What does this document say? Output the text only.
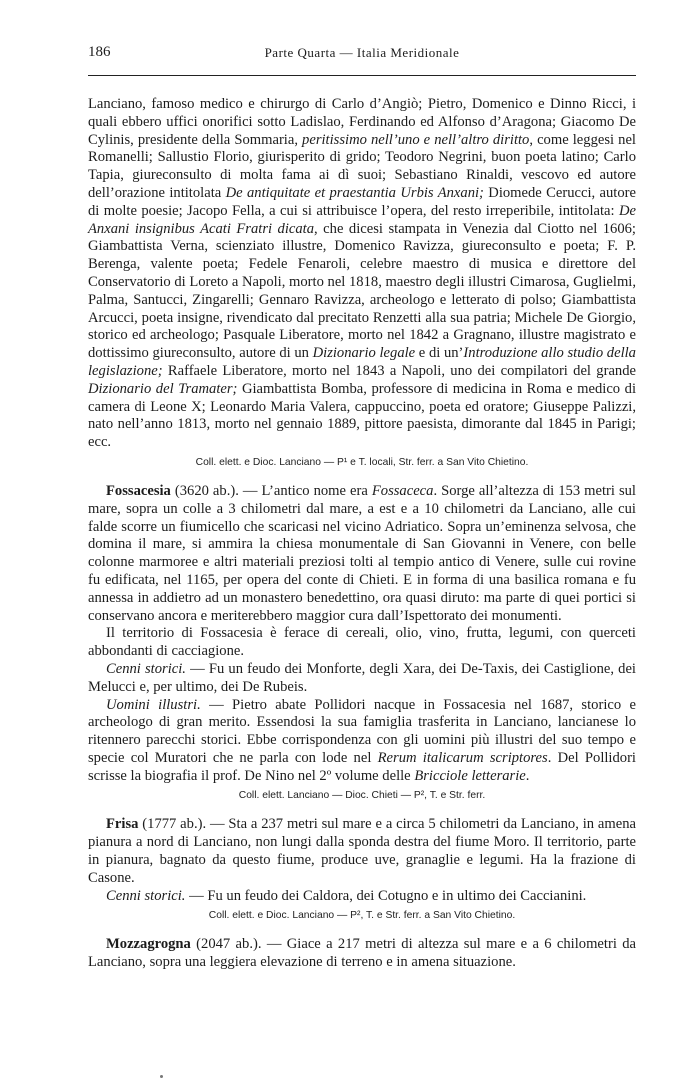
186	Parte Quarta — Italia Meridionale

Lanciano, famoso medico e chirurgo di Carlo d’Angiò; Pietro, Domenico e Dinno Ricci, i quali ebbero uffici onorifici sotto Ladislao, Ferdinando ed Alfonso d’Aragona; Giacomo De Cylinis, presidente della Sommaria, peritissimo nell’uno e nell’altro diritto, come leggesi nel Romanelli; Sallustio Florio, giurisperito di grido; Teodoro Negrini, buon poeta latino; Carlo Tapia, giureconsulto di molta fama ai dì suoi; Sebastiano Rinaldi, vescovo ed autore dell’orazione intitolata De antiquitate et praestantia Urbis Anxani; Diomede Cerucci, autore di molte poesie; Jacopo Fella, a cui si attribuisce l’opera, del resto irreperibile, intitolata: De Anxani insignibus Acati Fratri dicata, che dicesi stampata in Venezia dal Ciotto nel 1606; Giambattista Verna, scienziato illustre, Domenico Ravizza, giureconsulto e poeta; F. P. Berenga, valente poeta; Fedele Fenaroli, celebre maestro di musica e direttore del Conservatorio di Loreto a Napoli, morto nel 1818, maestro degli illustri Cimarosa, Guglielmi, Palma, Santucci, Zingarelli; Gennaro Ravizza, archeologo e letterato di polso; Giambattista Arcucci, poeta insigne, rivendicato dal precitato Renzetti alla sua patria; Michele De Giorgio, storico ed archeologo; Pasquale Liberatore, morto nel 1842 a Gragnano, illustre magistrato e dottissimo giureconsulto, autore di un Dizionario legale e di un’Introduzione allo studio della legislazione; Raffaele Liberatore, morto nel 1843 a Napoli, uno dei compilatori del grande Dizionario del Tramater; Giambattista Bomba, professore di medicina in Roma e medico di camera di Leone X; Leonardo Maria Valera, cappuccino, poeta ed oratore; Giuseppe Palizzi, nato nell’anno 1813, morto nel gennaio 1889, pittore paesista, dimorante dal 1845 in Parigi; ecc.

Coll. elett. e Dioc. Lanciano — P¹ e T. locali, Str. ferr. a San Vito Chietino.

Fossacesia (3620 ab.). — L’antico nome era Fossaceca. Sorge all’altezza di 153 metri sul mare, sopra un colle a 3 chilometri dal mare, a est e a 10 chilometri da Lanciano, alle cui falde scorre un fiumicello che scaricasi nel vicino Adriatico. Sopra un’eminenza selvosa, che domina il mare, si ammira la chiesa monumentale di San Giovanni in Venere, con belle colonne marmoree e altri materiali preziosi tolti al tempio antico di Venere, sulle cui rovine fu edificata, nel 1165, per opera del conte di Chieti. E in forma di una basilica romana e fu annessa in addietro ad un monastero benedettino, ora quasi diruto: ma parte di quei portici si conservano ancora e meriterebbero maggior cura dall’Ispettorato dei monumenti.

Il territorio di Fossacesia è ferace di cereali, olio, vino, frutta, legumi, con querceti abbondanti di cacciagione.

Cenni storici. — Fu un feudo dei Monforte, degli Xara, dei De-Taxis, dei Castiglione, dei Melucci e, per ultimo, dei De Rubeis.

Uomini illustri. — Pietro abate Pollidori nacque in Fossacesia nel 1687, storico e archeologo di gran merito. Essendosi la sua famiglia trasferita in Lanciano, lancianese lo ritennero parecchi storici. Ebbe corrispondenza con gli uomini più illustri del suo tempo e specie col Muratori che ne parla con lode nel Rerum italicarum scriptores. Del Pollidori scrisse la biografia il prof. De Nino nel 2º volume delle Bricciole letterarie.

Coll. elett. Lanciano — Dioc. Chieti — P², T. e Str. ferr.

Frisa (1777 ab.). — Sta a 237 metri sul mare e a circa 5 chilometri da Lanciano, in amena pianura a nord di Lanciano, non lungi dalla sponda destra del fiume Moro. Il territorio, parte in pianura, bagnato da questo fiume, produce uve, granaglie e legumi. Ha la frazione di Casone.

Cenni storici. — Fu un feudo dei Caldora, dei Cotugno e in ultimo dei Caccianini.

Coll. elett. e Dioc. Lanciano — P², T. e Str. ferr. a San Vito Chietino.

Mozzagrogna (2047 ab.). — Giace a 217 metri di altezza sul mare e a 6 chilometri da Lanciano, sopra una leggiera elevazione di terreno e in amena situazione.
